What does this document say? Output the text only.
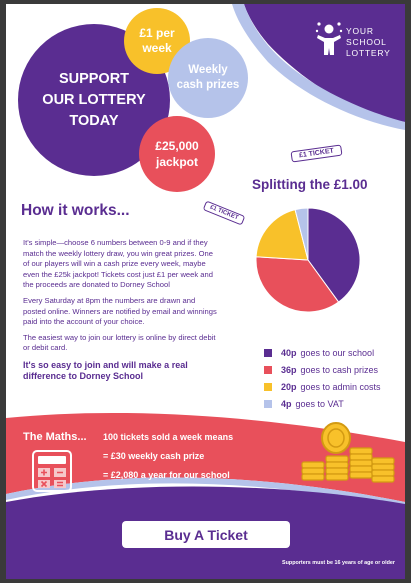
YOUR
SCHOOL
LOTTERY
SUPPORT
OUR LOTTERY
TODAY
£1 per
week
Weekly
cash prizes
£25,000
jackpot
£1 TICKET
£1 TICKET
Splitting the £1.00
40p goes to our school
36p goes to cash prizes
20p goes to admin costs
4p goes to VAT
How it works...

It's simple—choose 6 numbers between 0-9 and if they match the weekly lottery draw, you win great prizes. One of our players will win a cash prize every week, maybe even the £25k jackpot! Tickets cost just £1 per week and the proceeds are donated to Dorney School

Every Saturday at 8pm the numbers are drawn and posted online. Winners are notified by email and winnings paid into the account of your choice.

The easiest way to join our lottery is online by direct debit or debit card.

It's so easy to join and will make a real difference to Dorney School

The Maths... 100 tickets sold a week means
= £30 weekly cash prize
= £2,080 a year for our school
Buy A Ticket
Supporters must be 16 years of age or older
